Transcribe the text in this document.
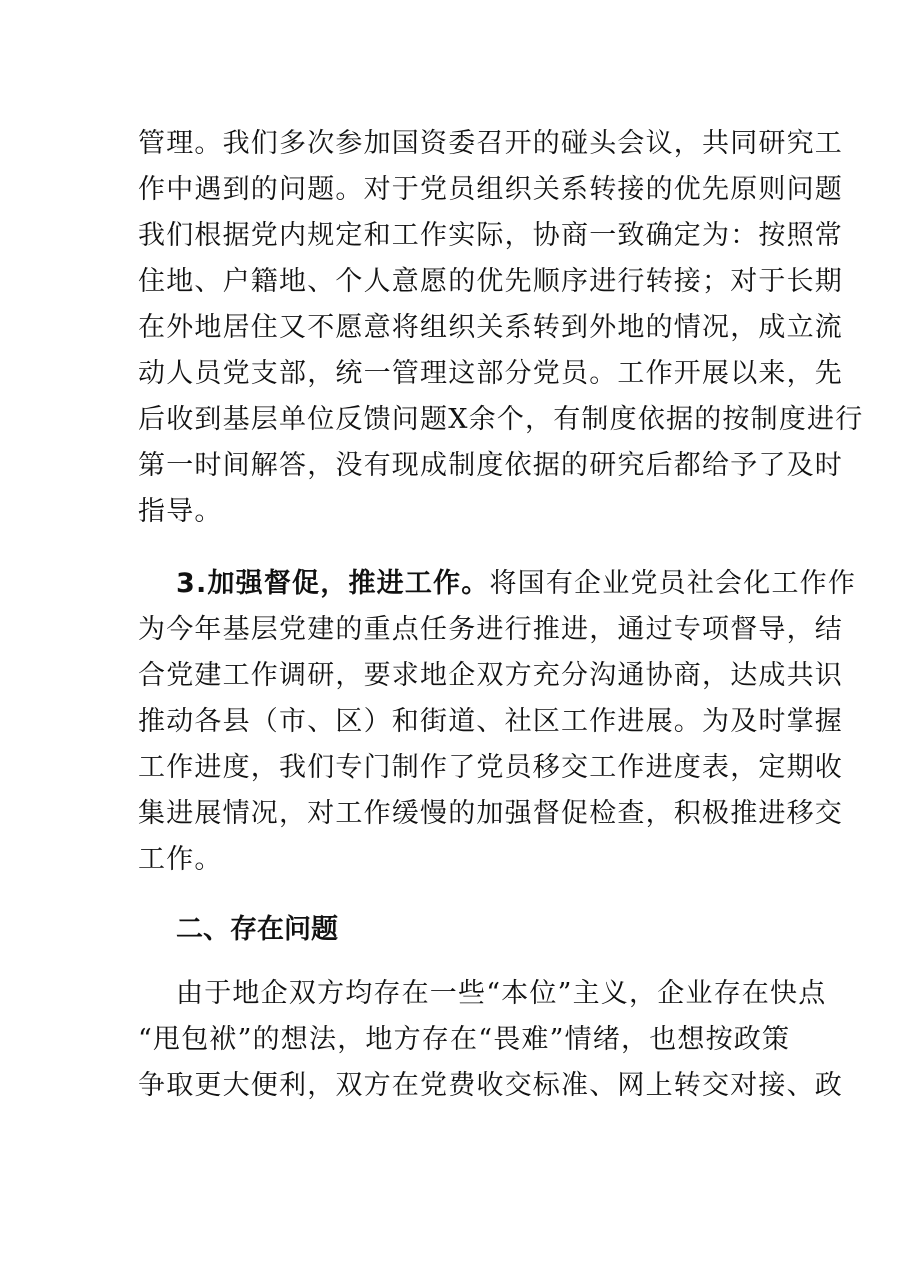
管理。我们多次参加国资委召开的碰头会议，共同研究工
作中遇到的问题。对于党员组织关系转接的优先原则问题
我们根据党内规定和工作实际，协商一致确定为：按照常
住地、户籍地、个人意愿的优先顺序进行转接；对于长期
在外地居住又不愿意将组织关系转到外地的情况，成立流
动人员党支部，统一管理这部分党员。工作开展以来，先
后收到基层单位反馈问题X余个，有制度依据的按制度进行
第一时间解答，没有现成制度依据的研究后都给予了及时
指导。
3.加强督促，推进工作。将国有企业党员社会化工作作
为今年基层党建的重点任务进行推进，通过专项督导，结
合党建工作调研，要求地企双方充分沟通协商，达成共识
推动各县（市、区）和街道、社区工作进展。为及时掌握
工作进度，我们专门制作了党员移交工作进度表，定期收
集进展情况，对工作缓慢的加强督促检查，积极推进移交
工作。
二、存在问题
由于地企双方均存在一些“本位”主义，企业存在快点
“甩包袱”的想法，地方存在“畏难”情绪，也想按政策
争取更大便利，双方在党费收交标准、网上转交对接、政
